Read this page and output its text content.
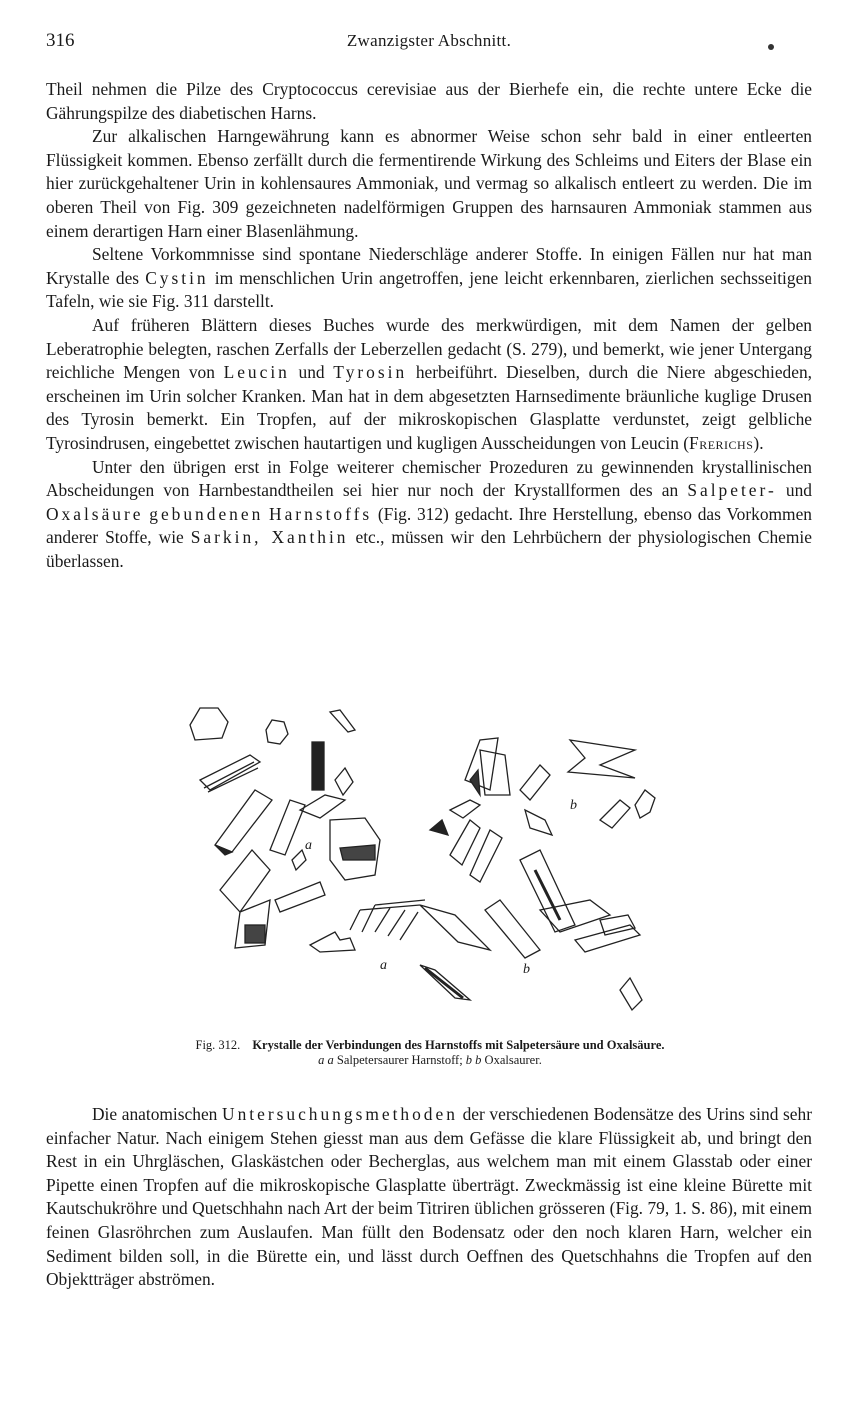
316	Zwanzigster Abschnitt.

Theil nehmen die Pilze des Cryptococcus cerevisiae aus der Bierhefe ein, die rechte untere Ecke die Gährungspilze des diabetischen Harns.

Zur alkalischen Harngewährung kann es abnormer Weise schon sehr bald in einer entleerten Flüssigkeit kommen. Ebenso zerfällt durch die fermentirende Wirkung des Schleims und Eiters der Blase ein hier zurückgehaltener Urin in kohlensaures Ammoniak, und vermag so alkalisch entleert zu werden. Die im oberen Theil von Fig. 309 gezeichneten nadelförmigen Gruppen des harnsauren Ammoniak stammen aus einem derartigen Harn einer Blasenlähmung.

Seltene Vorkommnisse sind spontane Niederschläge anderer Stoffe. In einigen Fällen nur hat man Krystalle des Cystin im menschlichen Urin angetroffen, jene leicht erkennbaren, zierlichen sechsseitigen Tafeln, wie sie Fig. 311 darstellt.

Auf früheren Blättern dieses Buches wurde des merkwürdigen, mit dem Namen der gelben Leberatrophie belegten, raschen Zerfalls der Leberzellen gedacht (S. 279), und bemerkt, wie jener Untergang reichliche Mengen von Leucin und Tyrosin herbeiführt. Dieselben, durch die Niere abgeschieden, erscheinen im Urin solcher Kranken. Man hat in dem abgesetzten Harnsedimente bräunliche kuglige Drusen des Tyrosin bemerkt. Ein Tropfen, auf der mikroskopischen Glasplatte verdunstet, zeigt gelbliche Tyrosindrusen, eingebettet zwischen hautartigen und kugligen Ausscheidungen von Leucin (Frerichs).

Unter den übrigen erst in Folge weiterer chemischer Prozeduren zu gewinnenden krystallinischen Abscheidungen von Harnbestandtheilen sei hier nur noch der Krystallformen des an Salpeter- und Oxalsäure gebundenen Harnstoffs (Fig. 312) gedacht. Ihre Herstellung, ebenso das Vorkommen anderer Stoffe, wie Sarkin, Xanthin etc., müssen wir den Lehrbüchern der physiologischen Chemie überlassen.

Fig. 312. Krystalle der Verbindungen des Harnstoffs mit Salpetersäure und Oxalsäure.
a a Salpetersaurer Harnstoff; b b Oxalsaurer.
a
a
b
b

Die anatomischen Untersuchungsmethoden der verschiedenen Bodensätze des Urins sind sehr einfacher Natur. Nach einigem Stehen giesst man aus dem Gefässe die klare Flüssigkeit ab, und bringt den Rest in ein Uhrgläschen, Glaskästchen oder Becherglas, aus welchem man mit einem Glasstab oder einer Pipette einen Tropfen auf die mikroskopische Glasplatte überträgt. Zweckmässig ist eine kleine Bürette mit Kautschukröhre und Quetschhahn nach Art der beim Titriren üblichen grösseren (Fig. 79, 1. S. 86), mit einem feinen Glasröhrchen zum Auslaufen. Man füllt den Bodensatz oder den noch klaren Harn, welcher ein Sediment bilden soll, in die Bürette ein, und lässt durch Oeffnen des Quetschhahns die Tropfen auf den Objektträger abströmen.
